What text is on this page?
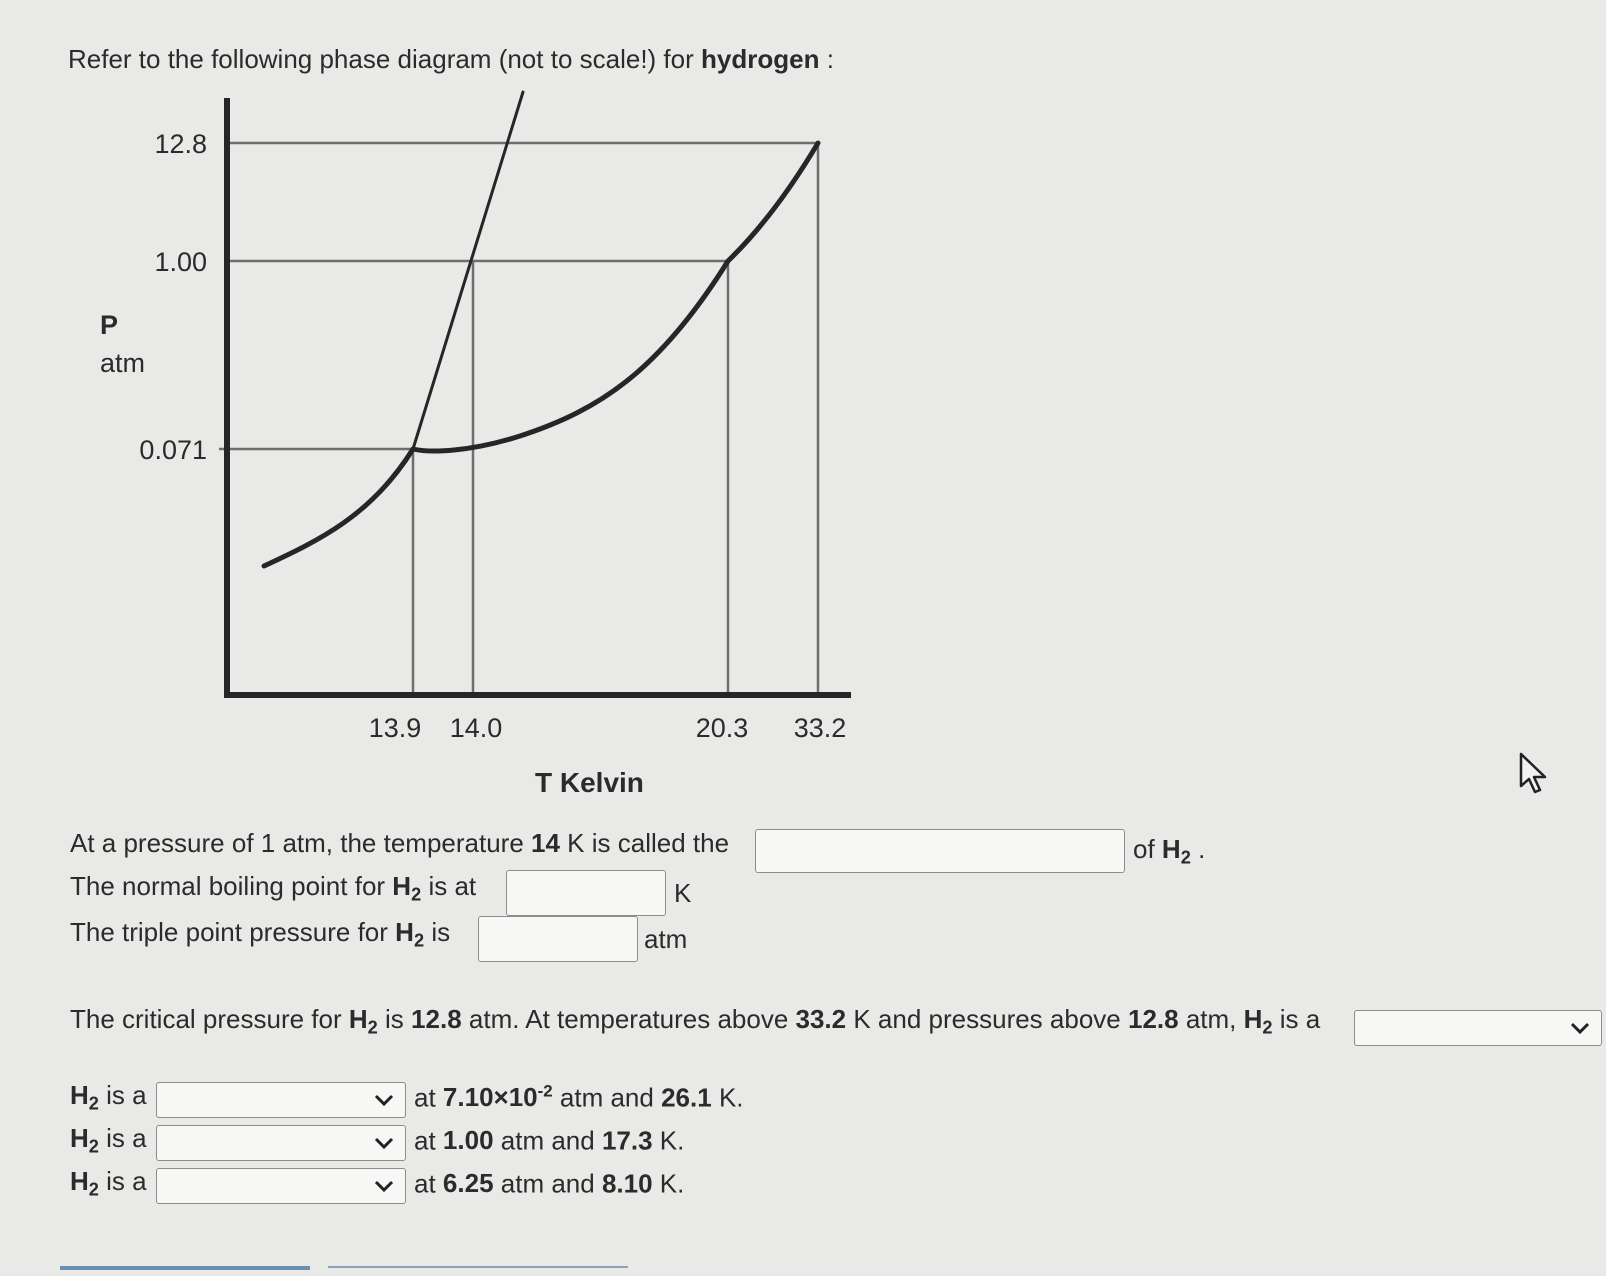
Refer to the following phase diagram (not to scale!) for hydrogen :
12.8
1.00
0.071
13.9 14.0	20.3 33.2
P
atm
T Kelvin
At a pressure of 1 atm, the temperature 14 K is called the	of $H_2$ .
The normal boiling point for $H_2$ is at	K
The triple point pressure for $H_2$ is	atm
The critical pressure for $H_2$ is 12.8 atm. At temperatures above 33.2 K and pressures above 12.8 atm, $H_2$ is a
$H_2$ is a	at $7.10\times 10^{-2}$ atm and 26.1 K.
$H_2$ is a	at 1.00 atm and 17.3 K.
$H_2$ is a	at 6.25 atm and 8.10 K.
